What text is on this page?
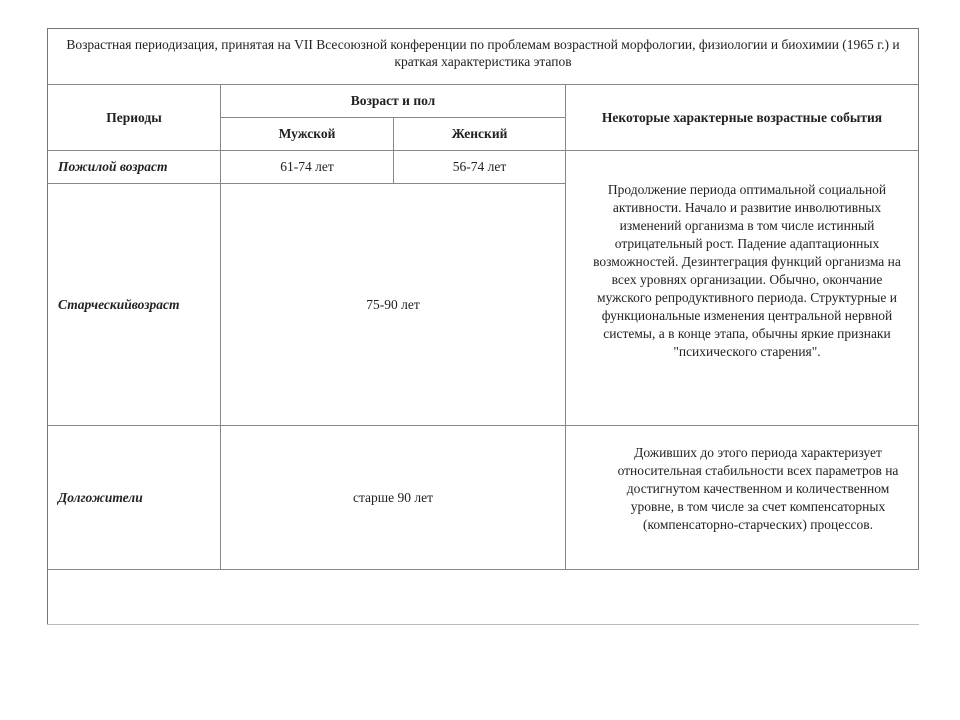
Возрастная периодизация, принятая на VII Всесоюзной конференции по проблемам возрастной морфологии, физиологии и биохимии (1965 г.) и краткая характеристика этапов
Периоды
Возраст и пол
Мужской	Женский
Некоторые характерные возрастные события
Пожилой возраст	61-74 лет	56-74 лет
Продолжение периода оптимальной социальной активности. Начало и развитие инволютивных изменений организма в том числе истинный отрицательный рост. Падение адаптационных возможностей. Дезинтеграция функций организма на всех уровнях организации. Обычно, окончание мужского репродуктивного периода. Структурные и функциональные изменения центральной нервной системы, а в конце этапа, обычны яркие признаки "психического старения".
Старческийвозраст	75-90 лет
Долгожители	старше 90 лет
Доживших до этого периода характеризует относительная стабильности всех параметров на достигнутом качественном и количественном уровне, в том числе за счет компенсаторных (компенсаторно-старческих) процессов.
